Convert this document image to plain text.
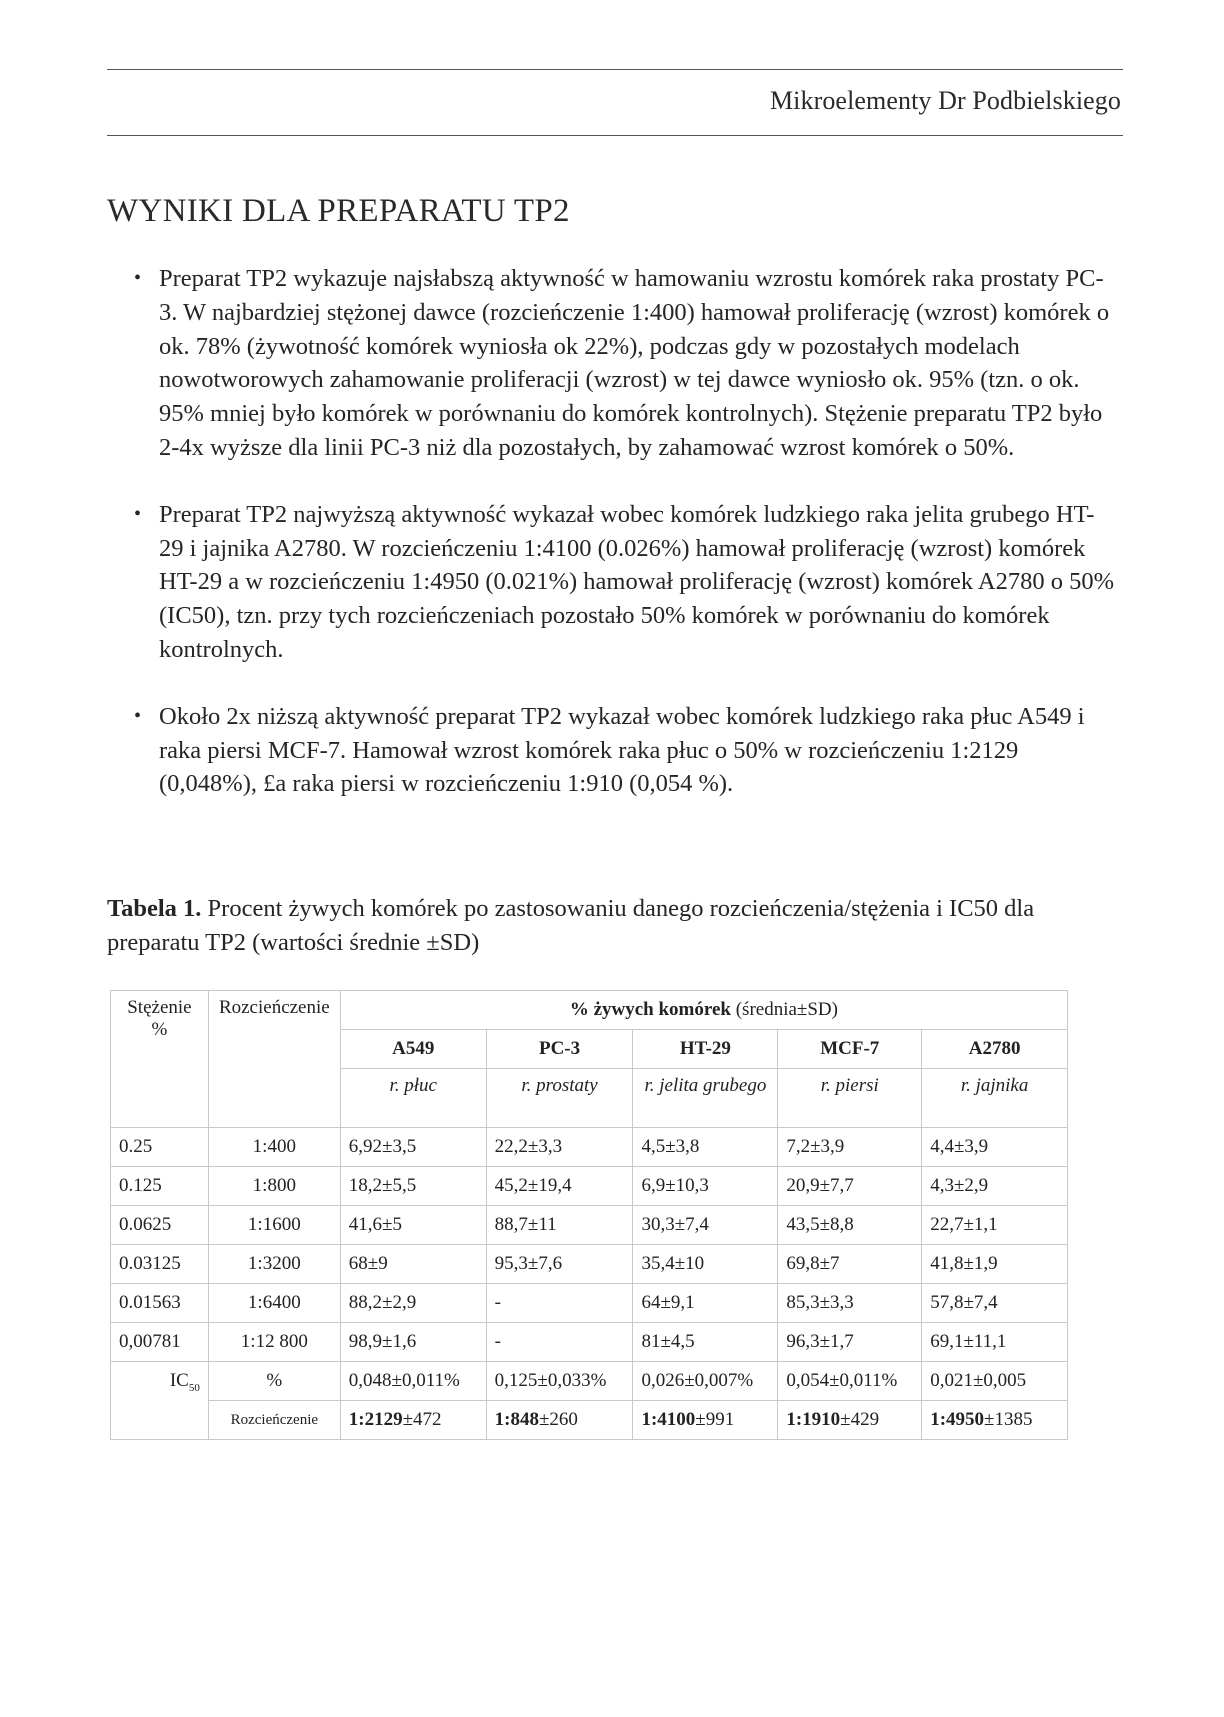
Mikroelementy Dr Podbielskiego
WYNIKI DLA PREPARATU TP2
• Preparat TP2 wykazuje najsłabszą aktywność w hamowaniu wzrostu komórek raka prostaty PC-3. W najbardziej stężonej dawce (rozcieńczenie 1:400) hamował proliferację (wzrost) komórek o ok. 78% (żywotność komórek wyniosła ok 22%), podczas gdy w pozostałych modelach nowotworowych zahamowanie proliferacji (wzrost) w tej dawce wyniosło ok. 95% (tzn. o ok. 95% mniej było komórek w porównaniu do komórek kontrolnych). Stężenie preparatu TP2 było 2-4x wyższe dla linii PC-3 niż dla pozostałych, by zahamować wzrost komórek o 50%.
• Preparat TP2 najwyższą aktywność wykazał wobec komórek ludzkiego raka jelita grubego HT-29 i jajnika A2780. W rozcieńczeniu 1:4100 (0.026%) hamował proliferację (wzrost) komórek HT-29 a w rozcieńczeniu 1:4950 (0.021%) hamował proliferację (wzrost) komórek A2780 o 50% (IC50), tzn. przy tych rozcieńczeniach pozostało 50% komórek w porównaniu do komórek kontrolnych.
• Około 2x niższą aktywność preparat TP2 wykazał wobec komórek ludzkiego raka płuc A549 i raka piersi MCF-7. Hamował wzrost komórek raka płuc o 50% w rozcieńczeniu 1:2129 (0,048%), £a raka piersi w rozcieńczeniu 1:910 (0,054 %).
Tabela 1. Procent żywych komórek po zastosowaniu danego rozcieńczenia/stężenia i IC50 dla preparatu TP2 (wartości średnie ±SD)
Stężenie %	Rozcieńczenie	% żywych komórek (średnia±SD)				
		A549	PC-3	HT-29	MCF-7	A2780
		r. płuc	r. prostaty	r. jelita grubego	r. piersi	r. jajnika
0.25	1:400	6,92±3,5	22,2±3,3	4,5±3,8	7,2±3,9	4,4±3,9
0.125	1:800	18,2±5,5	45,2±19,4	6,9±10,3	20,9±7,7	4,3±2,9
0.0625	1:1600	41,6±5	88,7±11	30,3±7,4	43,5±8,8	22,7±1,1
0.03125	1:3200	68±9	95,3±7,6	35,4±10	69,8±7	41,8±1,9
0.01563	1:6400	88,2±2,9	-	64±9,1	85,3±3,3	57,8±7,4
0,00781	1:12 800	98,9±1,6	-	81±4,5	96,3±1,7	69,1±11,1
$IC_{50}$	%	0,048±0,011%	0,125±0,033%	0,026±0,007%	0,054±0,011%	0,021±0,005
	Rozcieńczenie	1:2129±472	1:848±260	1:4100±991	1:1910±429	1:4950±1385
